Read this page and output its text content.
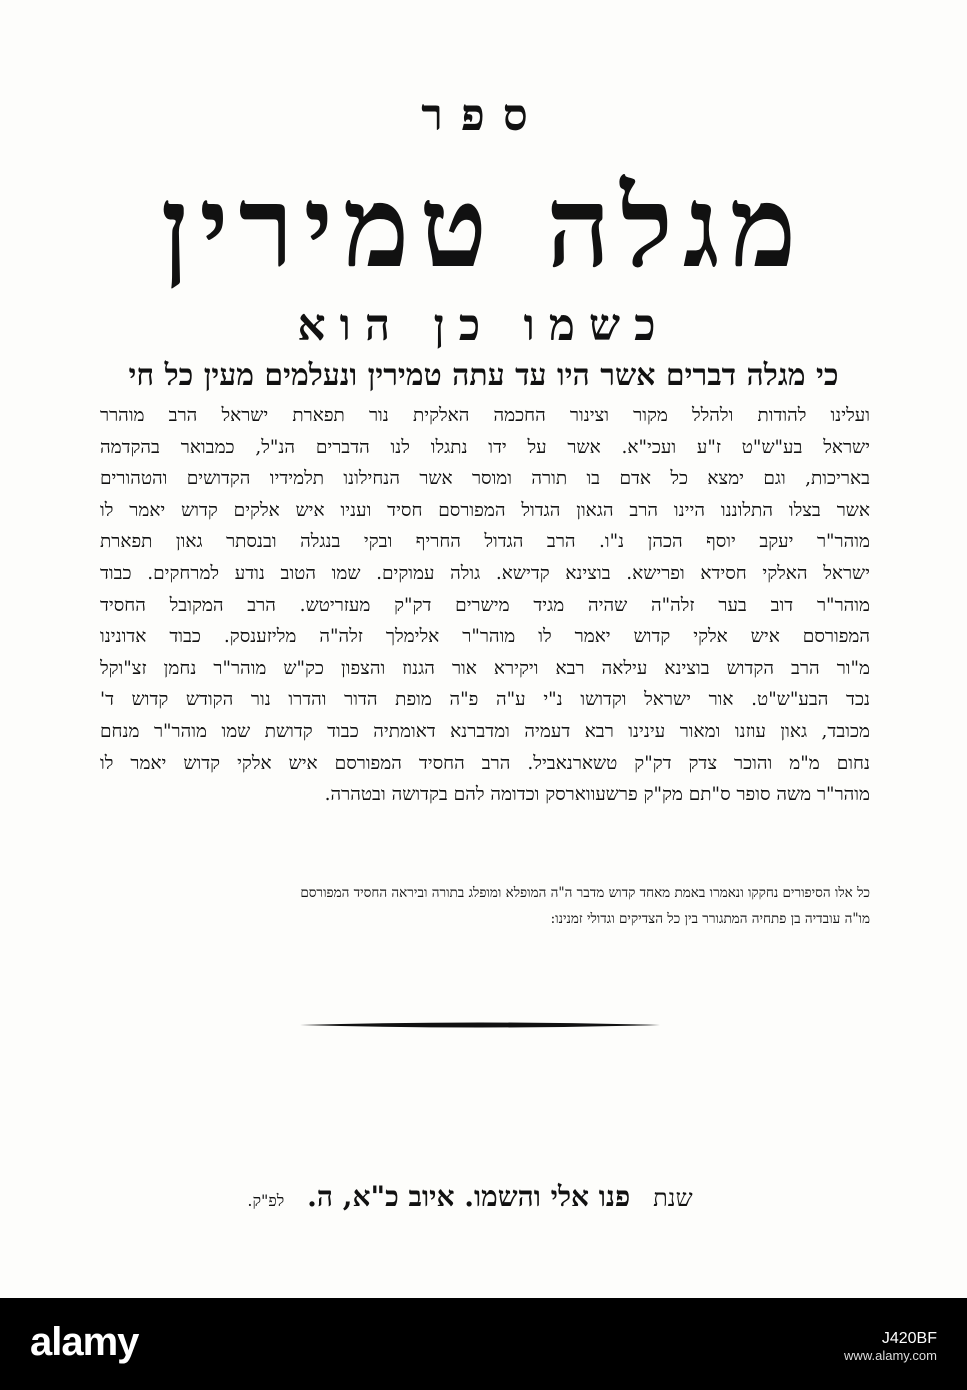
ספר
מגלה טמירין
כשמו כן הוא
כי מגלה דברים אשר היו עד עתה טמירין ונעלמים מעין כל חי
ועלינו להודות ולהלל מקור וצינור החכמה האלקית נור תפארת ישראל הרב מוהרר
ישראל בע"ש"ט ז"ע ועכי"א. אשר על ידו נתגלו לנו הדברים הנ"ל, כמבואר בהקדמה
באריכות, וגם ימצא כל אדם בו תורה ומוסר אשר הנחילונו תלמידיו הקדושים והטהורים
אשר בצלו התלוננו היינו הרב הגאון הגדול המפורסם חסיד ועניו איש אלקים קדוש יאמר לו
מוהר"ר יעקב יוסף הכהן נ"ו. הרב הגדול החריף ובקי בנגלה ובנסתר גאון תפארת
ישראל האלקי חסידא ופרישא. בוצינא קדישא. גולה עמוקים. שמו הטוב נודע למרחקים. כבוד
מוהר"ר דוב בער זלה"ה שהיה מגיד מישרים דק"ק מעזריטש. הרב המקובל החסיד
המפורסם איש אלקי קדוש יאמר לו מוהר"ר אלימלך זלה"ה מליזענסק. כבוד אדונינו
מ"ור הרב הקדוש בוצינא עילאה רבא ויקירא אור הגנוז והצפון כק"ש מוהר"ר נחמן זצ"וקל
נכד הבע"ש"ט. אור ישראל וקדושו נ"י ע"ה פ"ה מופת הדור והדרו נור הקודש קדוש ד'
מכובד, גאון עוזנו ומאור עינינו רבא דעמיה ומדברנא דאומתיה כבוד קדושת שמו מוהר"ר מנחם
נחום מ"מ והוכר צדק דק"ק טשארנאביל. הרב החסיד המפורסם איש אלקי קדוש יאמר לו
מוהר"ר משה סופר ס"תם מק"ק פרשעווארסק וכדומה להם בקדושה ובטהרה.
כל אלו הסיפורים נחקקו ונאמרו באמת מאחד קדוש מדבר ה"ה המופלא ומופלג בתורה וביראה החסיד המפורסם
מו"ה עובדיה בן פתחיה המתגורר בין כל הצדיקים וגדולי זמנינו:
שנת   פנו אלי והשמו. איוב כ"א, ה.   לפ"ק.
alamy	J420BF
www.alamy.com
